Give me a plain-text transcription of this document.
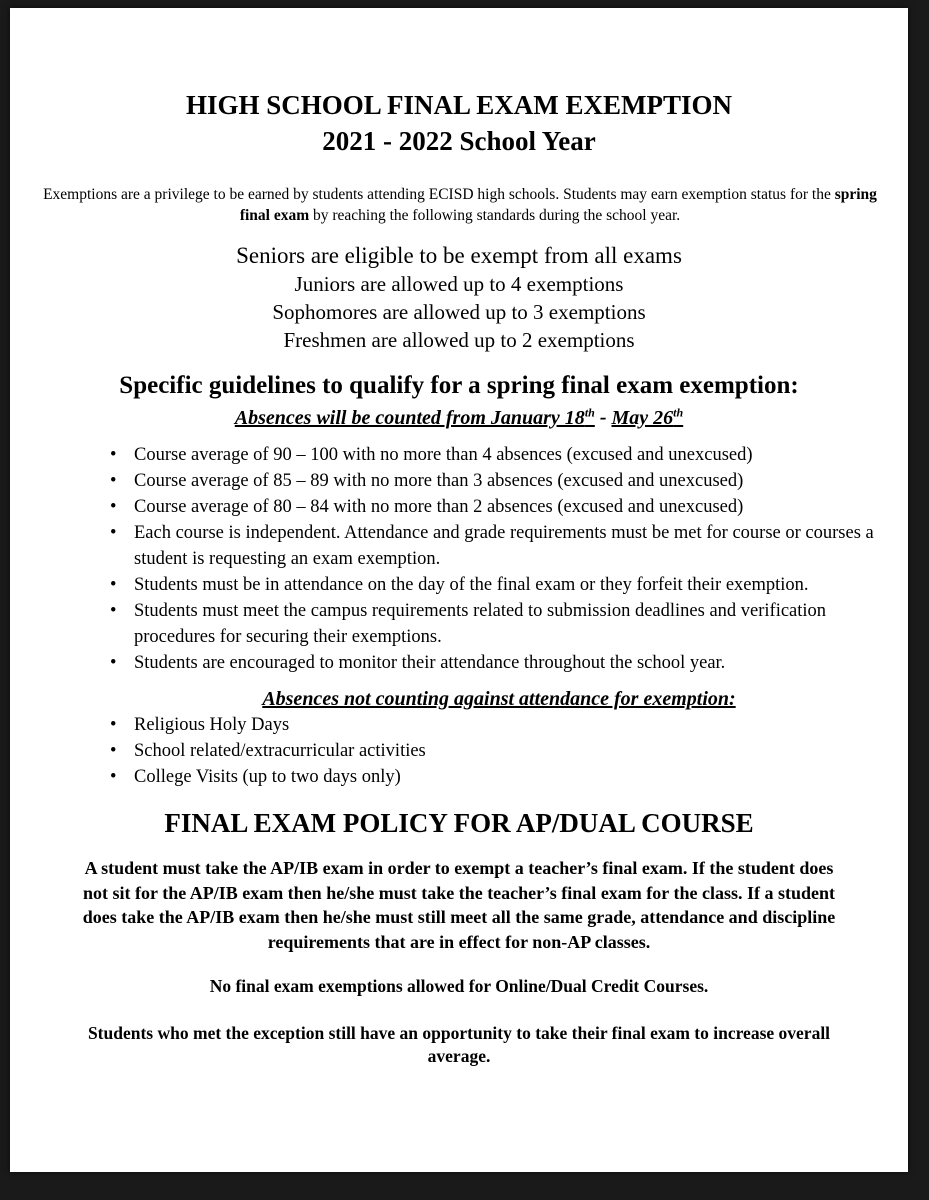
HIGH SCHOOL FINAL EXAM EXEMPTION
2021 - 2022 School Year
Exemptions are a privilege to be earned by students attending ECISD high schools. Students may earn exemption status for the spring final exam by reaching the following standards during the school year.
Seniors are eligible to be exempt from all exams
Juniors are allowed up to 4 exemptions
Sophomores are allowed up to 3 exemptions
Freshmen are allowed up to 2 exemptions
Specific guidelines to qualify for a spring final exam exemption:
Absences will be counted from January 18th - May 26th
• Course average of 90 – 100 with no more than 4 absences (excused and unexcused)
• Course average of 85 – 89 with no more than 3 absences (excused and unexcused)
• Course average of 80 – 84 with no more than 2 absences (excused and unexcused)
• Each course is independent. Attendance and grade requirements must be met for course or courses a student is requesting an exam exemption.
• Students must be in attendance on the day of the final exam or they forfeit their exemption.
• Students must meet the campus requirements related to submission deadlines and verification procedures for securing their exemptions.
• Students are encouraged to monitor their attendance throughout the school year.
Absences not counting against attendance for exemption:
• Religious Holy Days
• School related/extracurricular activities
• College Visits (up to two days only)
FINAL EXAM POLICY FOR AP/DUAL COURSE
A student must take the AP/IB exam in order to exempt a teacher’s final exam. If the student does not sit for the AP/IB exam then he/she must take the teacher’s final exam for the class. If a student does take the AP/IB exam then he/she must still meet all the same grade, attendance and discipline requirements that are in effect for non-AP classes.
No final exam exemptions allowed for Online/Dual Credit Courses.
Students who met the exception still have an opportunity to take their final exam to increase overall average.
